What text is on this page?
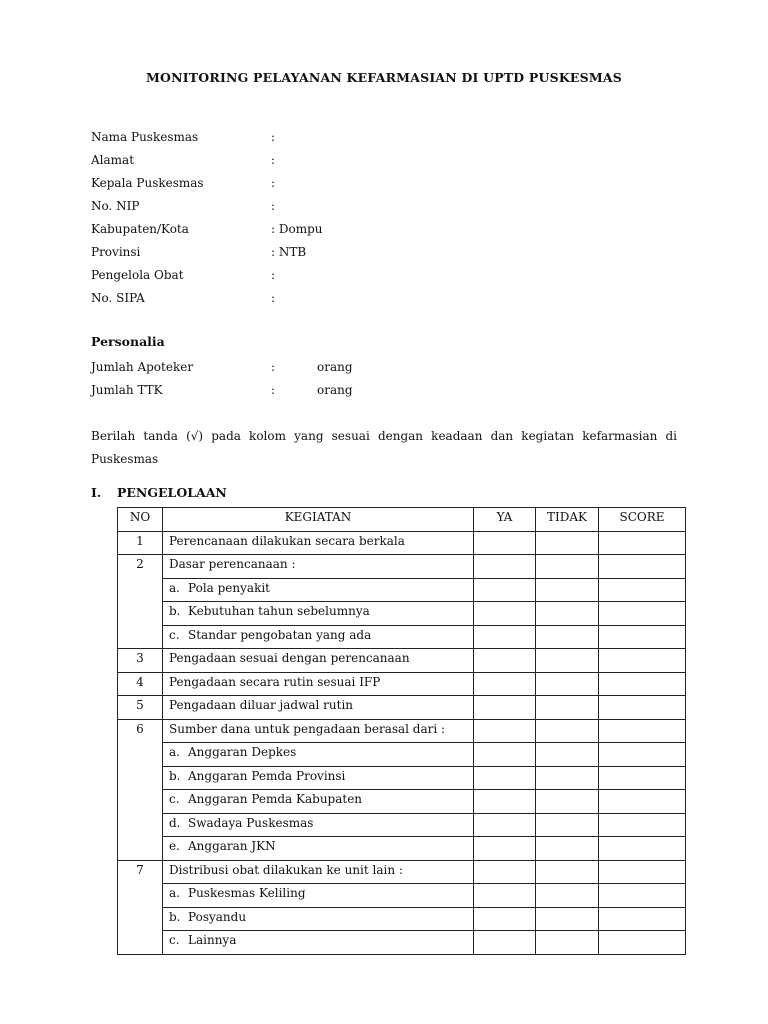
MONITORING PELAYANAN KEFARMASIAN DI UPTD PUSKESMAS
Nama Puskesmas	:
Alamat	:
Kepala Puskesmas	:
No. NIP	:
Kabupaten/Kota	: Dompu
Provinsi	: NTB
Pengelola Obat	:
No. SIPA	:
Personalia
Jumlah Apoteker	:	orang
Jumlah TTK	:	orang
Berilah tanda (√) pada kolom yang sesuai dengan keadaan dan kegiatan kefarmasian di Puskesmas
I. PENGELOLAAN
NO	KEGIATAN	YA	TIDAK	SCORE
1	Perencanaan dilakukan secara berkala			
2	Dasar perencanaan :			
	a. Pola penyakit			
	b. Kebutuhan tahun sebelumnya			
	c. Standar pengobatan yang ada			
3	Pengadaan sesuai dengan perencanaan			
4	Pengadaan secara rutin sesuai IFP			
5	Pengadaan diluar jadwal rutin			
6	Sumber dana untuk pengadaan berasal dari :			
	a. Anggaran Depkes			
	b. Anggaran Pemda Provinsi			
	c. Anggaran Pemda Kabupaten			
	d. Swadaya Puskesmas			
	e. Anggaran JKN			
7	Distribusi obat dilakukan ke unit lain :			
	a. Puskesmas Keliling			
	b. Posyandu			
	c. Lainnya			
